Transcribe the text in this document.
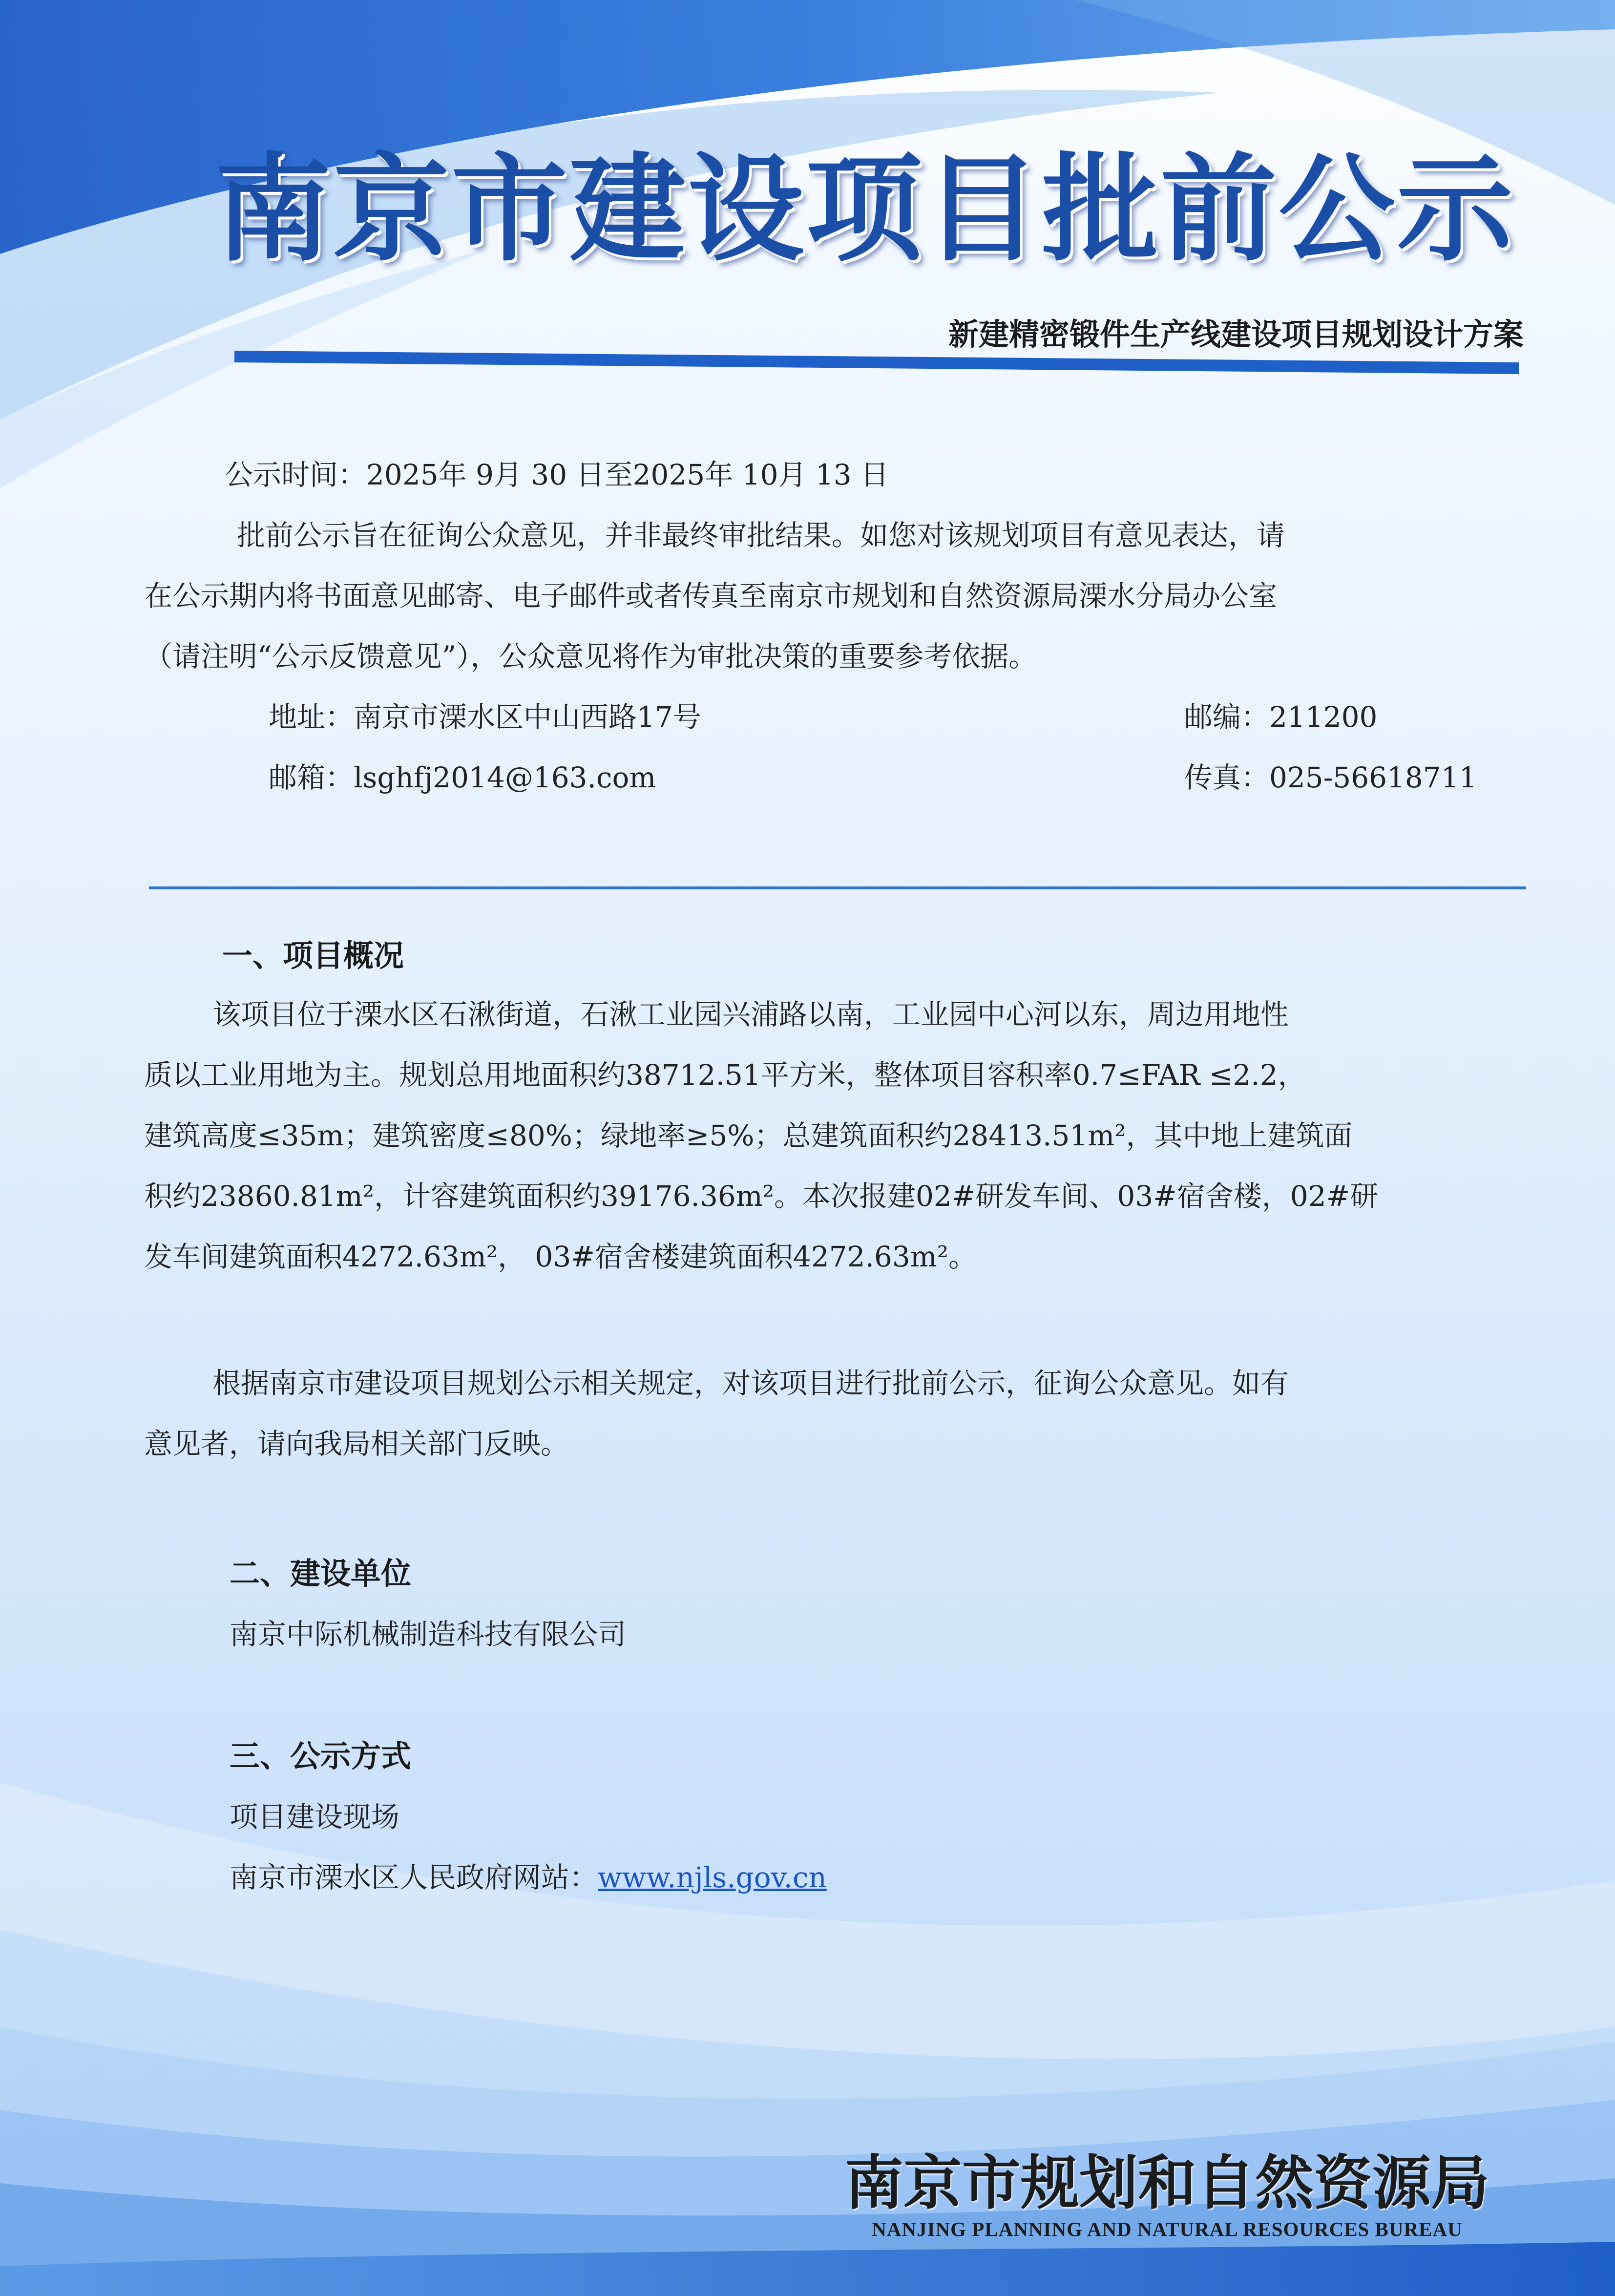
南京市建设项目批前公示
新建精密锻件生产线建设项目规划设计方案
公示时间：2025年 9月 30 日至2025年 10月 13 日
批前公示旨在征询公众意见，并非最终审批结果。如您对该规划项目有意见表达，请
在公示期内将书面意见邮寄、电子邮件或者传真至南京市规划和自然资源局溧水分局办公室
（请注明“公示反馈意见”），公众意见将作为审批决策的重要参考依据。
地址：南京市溧水区中山西路17号	邮编：211200
邮箱：lsghfj2014@163.com	传真：025-56618711
一、项目概况
该项目位于溧水区石湫街道，石湫工业园兴浦路以南，工业园中心河以东，周边用地性
质以工业用地为主。规划总用地面积约38712.51平方米，整体项目容积率0.7≤FAR ≤2.2，
建筑高度≤35m；建筑密度≤80%；绿地率≥5%；总建筑面积约28413.51m²，其中地上建筑面
积约23860.81m²，计容建筑面积约39176.36m²。本次报建02#研发车间、03#宿舍楼，02#研
发车间建筑面积4272.63m²， 03#宿舍楼建筑面积4272.63m²。
根据南京市建设项目规划公示相关规定，对该项目进行批前公示，征询公众意见。如有
意见者，请向我局相关部门反映。
二、建设单位
南京中际机械制造科技有限公司
三、公示方式
项目建设现场
南京市溧水区人民政府网站：www.njls.gov.cn
南京市规划和自然资源局
NANJING PLANNING AND NATURAL RESOURCES BUREAU
